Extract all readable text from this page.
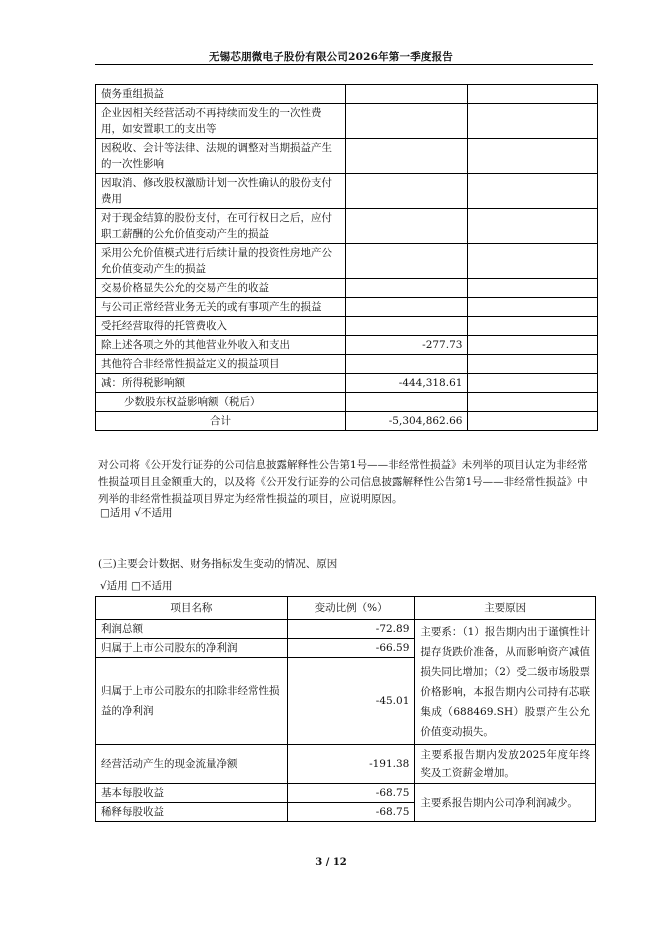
无锡芯朋微电子股份有限公司2026年第一季度报告
债务重组损益		
企业因相关经营活动不再持续而发生的一次性费用，如安置职工的支出等		
因税收、会计等法律、法规的调整对当期损益产生的一次性影响		
因取消、修改股权激励计划一次性确认的股份支付费用		
对于现金结算的股份支付，在可行权日之后，应付职工薪酬的公允价值变动产生的损益		
采用公允价值模式进行后续计量的投资性房地产公允价值变动产生的损益		
交易价格显失公允的交易产生的收益		
与公司正常经营业务无关的或有事项产生的损益		
受托经营取得的托管费收入		
除上述各项之外的其他营业外收入和支出	-277.73	
其他符合非经常性损益定义的损益项目		
减：所得税影响额	-444,318.61	
少数股东权益影响额（税后）		
合计	-5,304,862.66	
对公司将《公开发行证券的公司信息披露解释性公告第1号——非经常性损益》未列举的项目认定为非经常性损益项目且金额重大的，以及将《公开发行证券的公司信息披露解释性公告第1号——非经常性损益》中列举的非经常性损益项目界定为经常性损益的项目，应说明原因。
□适用 √不适用
(三)主要会计数据、财务指标发生变动的情况、原因
√适用 □不适用
项目名称	变动比例（%）	主要原因
利润总额	-72.89	主要系：（1）报告期内出于谨慎性计提存货跌价准备，从而影响资产减值损失同比增加；（2）受二级市场股票价格影响，本报告期内公司持有芯联集成（688469.SH）股票产生公允价值变动损失。
归属于上市公司股东的净利润	-66.59	
归属于上市公司股东的扣除非经常性损益的净利润	-45.01	
经营活动产生的现金流量净额	-191.38	主要系报告期内发放2025年度年终奖及工资薪金增加。
基本每股收益	-68.75	主要系报告期内公司净利润减少。
稀释每股收益	-68.75	
3 / 12
